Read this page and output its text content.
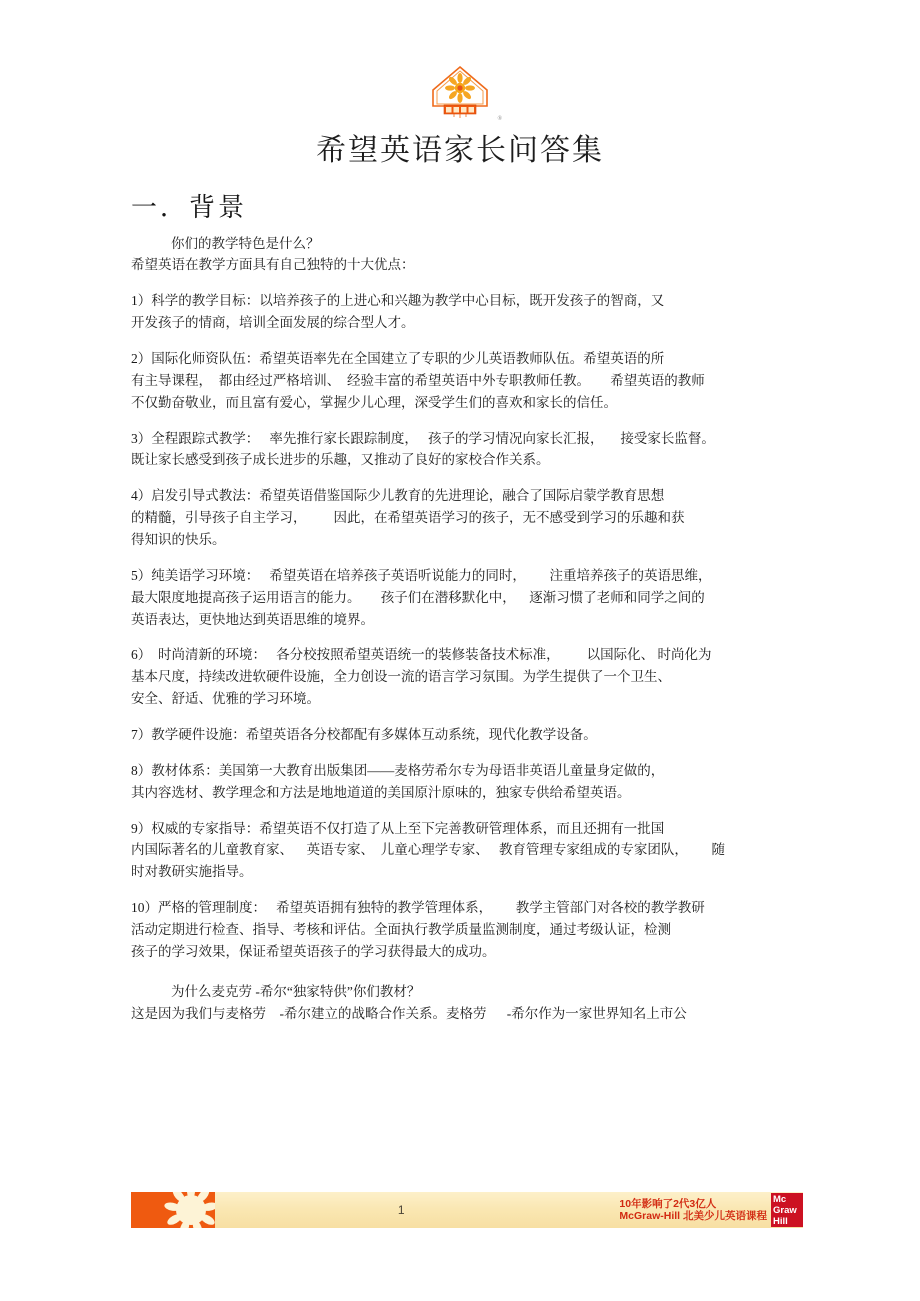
®
希望英语家长问答集
一．背景

你们的教学特色是什么？

希望英语在教学方面具有自己独特的十大优点：

1）科学的教学目标：以培养孩子的上进心和兴趣为教学中心目标，既开发孩子的智商，又

开发孩子的情商，培训全面发展的综合型人才。

2）国际化师资队伍：希望英语率先在全国建立了专职的少儿英语教师队伍。希望英语的所

有主导课程，  都由经过严格培训、  经验丰富的希望英语中外专职教师任教。      希望英语的教师

不仅勤奋敬业，而且富有爱心，掌握少儿心理，深受学生们的喜欢和家长的信任。

3）全程跟踪式教学：   率先推行家长跟踪制度，   孩子的学习情况向家长汇报，     接受家长监督。

既让家长感受到孩子成长进步的乐趣，又推动了良好的家校合作关系。

4）启发引导式教法：希望英语借鉴国际少儿教育的先进理论，融合了国际启蒙学教育思想

的精髓，引导孩子自主学习，        因此，在希望英语学习的孩子，无不感受到学习的乐趣和获

得知识的快乐。

5）纯美语学习环境：   希望英语在培养孩子英语听说能力的同时，       注重培养孩子的英语思维，

最大限度地提高孩子运用语言的能力。      孩子们在潜移默化中，    逐渐习惯了老师和同学之间的

英语表达，更快地达到英语思维的境界。

6）  时尚清新的环境：   各分校按照希望英语统一的装修装备技术标准，        以国际化、 时尚化为

基本尺度，持续改进软硬件设施，全力创设一流的语言学习氛围。为学生提供了一个卫生、

安全、舒适、优雅的学习环境。

7）教学硬件设施：希望英语各分校都配有多媒体互动系统，现代化教学设备。

8）教材体系：美国第一大教育出版集团——麦格劳希尔专为母语非英语儿童量身定做的，

其内容选材、教学理念和方法是地地道道的美国原汁原味的，独家专供给希望英语。

9）权威的专家指导：希望英语不仅打造了从上至下完善教研管理体系，而且还拥有一批国

内国际著名的儿童教育家、    英语专家、  儿童心理学专家、   教育管理专家组成的专家团队，       随

时对教研实施指导。

10）严格的管理制度：   希望英语拥有独特的教学管理体系，       教学主管部门对各校的教学教研

活动定期进行检查、指导、考核和评估。全面执行教学质量监测制度，通过考级认证，检测

孩子的学习效果，保证希望英语孩子的学习获得最大的成功。

为什么麦克劳 -希尔“独家特供”你们教材？

这是因为我们与麦格劳    -希尔建立的战略合作关系。麦格劳      -希尔作为一家世界知名上市公

1	10年影响了2代3亿人
McGraw-Hill 北美少儿英语课程
Mc
Graw
Hill
